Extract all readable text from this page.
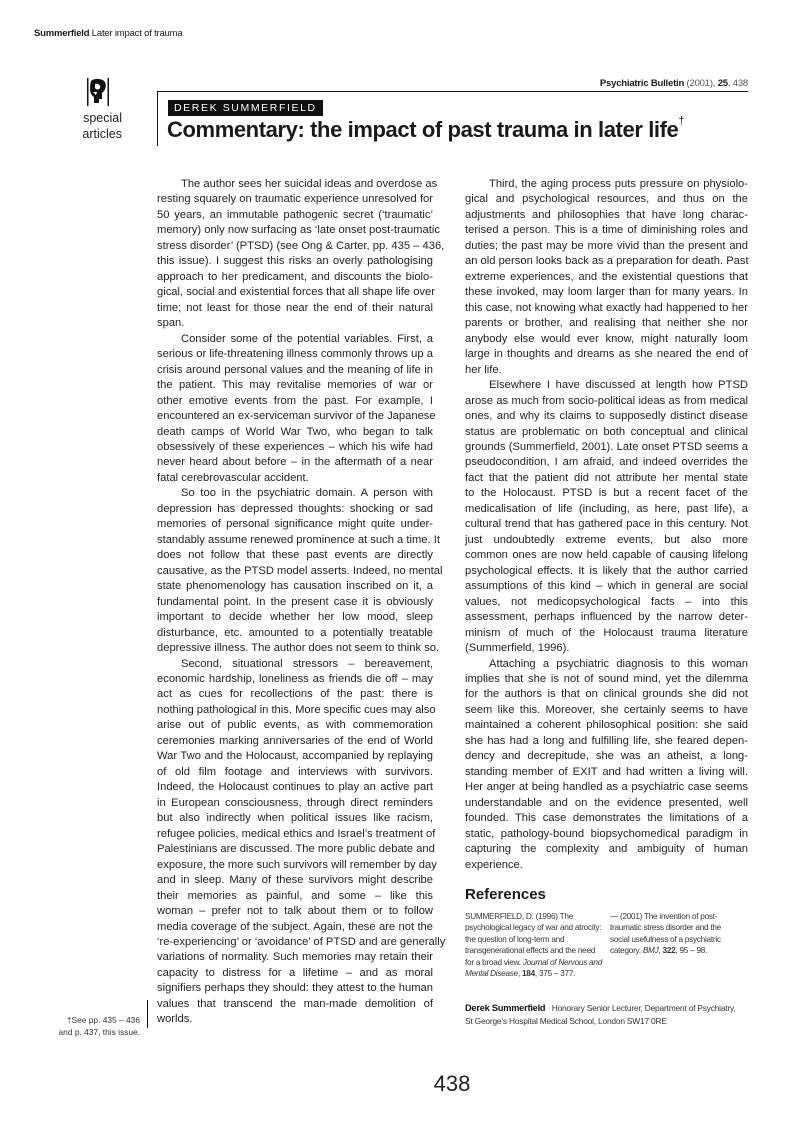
Summerfield Later impact of trauma
special
articles
Psychiatric Bulletin (2001), 25, 438
DEREK SUMMERFIELD
Commentary: the impact of past trauma in later life†
The author sees her suicidal ideas and overdose as
resting squarely on traumatic experience unresolved for
50 years, an immutable pathogenic secret (‘traumatic’
memory) only now surfacing as ‘late onset post-traumatic
stress disorder’ (PTSD) (see Ong & Carter, pp. 435 – 436,
this issue). I suggest this risks an overly pathologising
approach to her predicament, and discounts the biolo-
gical, social and existential forces that all shape life over
time; not least for those near the end of their natural
span.
Consider some of the potential variables. First, a
serious or life-threatening illness commonly throws up a
crisis around personal values and the meaning of life in
the patient. This may revitalise memories of war or
other emotive events from the past. For example, I
encountered an ex-serviceman survivor of the Japanese
death camps of World War Two, who began to talk
obsessively of these experiences – which his wife had
never heard about before – in the aftermath of a near
fatal cerebrovascular accident.
So too in the psychiatric domain. A person with
depression has depressed thoughts: shocking or sad
memories of personal significance might quite under-
standably assume renewed prominence at such a time. It
does not follow that these past events are directly
causative, as the PTSD model asserts. Indeed, no mental
state phenomenology has causation inscribed on it, a
fundamental point. In the present case it is obviously
important to decide whether her low mood, sleep
disturbance, etc. amounted to a potentially treatable
depressive illness. The author does not seem to think so.
Second, situational stressors – bereavement,
economic hardship, loneliness as friends die off – may
act as cues for recollections of the past: there is
nothing pathological in this. More specific cues may also
arise out of public events, as with commemoration
ceremonies marking anniversaries of the end of World
War Two and the Holocaust, accompanied by replaying
of old film footage and interviews with survivors.
Indeed, the Holocaust continues to play an active part
in European consciousness, through direct reminders
but also indirectly when political issues like racism,
refugee policies, medical ethics and Israel’s treatment of
Palestinians are discussed. The more public debate and
exposure, the more such survivors will remember by day
and in sleep. Many of these survivors might describe
their memories as painful, and some – like this
woman – prefer not to talk about them or to follow
media coverage of the subject. Again, these are not the
‘re-experiencing’ or ‘avoidance’ of PTSD and are generally
variations of normality. Such memories may retain their
capacity to distress for a lifetime – and as moral
signifiers perhaps they should: they attest to the human
values that transcend the man-made demolition of
worlds.
Third, the aging process puts pressure on physiolo-
gical and psychological resources, and thus on the
adjustments and philosophies that have long charac-
terised a person. This is a time of diminishing roles and
duties; the past may be more vivid than the present and
an old person looks back as a preparation for death. Past
extreme experiences, and the existential questions that
these invoked, may loom larger than for many years. In
this case, not knowing what exactly had happened to her
parents or brother, and realising that neither she nor
anybody else would ever know, might naturally loom
large in thoughts and dreams as she neared the end of
her life.
Elsewhere I have discussed at length how PTSD
arose as much from socio-political ideas as from medical
ones, and why its claims to supposedly distinct disease
status are problematic on both conceptual and clinical
grounds (Summerfield, 2001). Late onset PTSD seems a
pseudocondition, I am afraid, and indeed overrides the
fact that the patient did not attribute her mental state
to the Holocaust. PTSD is but a recent facet of the
medicalisation of life (including, as here, past life), a
cultural trend that has gathered pace in this century. Not
just undoubtedly extreme events, but also more
common ones are now held capable of causing lifelong
psychological effects. It is likely that the author carried
assumptions of this kind – which in general are social
values, not medicopsychological facts – into this
assessment, perhaps influenced by the narrow deter-
minism of much of the Holocaust trauma literature
(Summerfield, 1996).
Attaching a psychiatric diagnosis to this woman
implies that she is not of sound mind, yet the dilemma
for the authors is that on clinical grounds she did not
seem like this. Moreover, she certainly seems to have
maintained a coherent philosophical position: she said
she has had a long and fulfilling life, she feared depen-
dency and decrepitude, she was an atheist, a long-
standing member of EXIT and had written a living will.
Her anger at being handled as a psychiatric case seems
understandable and on the evidence presented, well
founded. This case demonstrates the limitations of a
static, pathology-bound biopsychomedical paradigm in
capturing the complexity and ambiguity of human
experience.
References
SUMMERFIELD, D. (1996) The psychological legacy of war and atrocity: the question of long-term and transgenerational effects and the need for a broad view. Journal of Nervous and Mental Disease, 184, 375 – 377.
— (2001) The invention of post-traumatic stress disorder and the social usefulness of a psychiatric category. BMJ, 322, 95 – 98.
Derek Summerfield Honorary Senior Lecturer, Department of Psychiatry,
St George’s Hospital Medical School, London SW17 0RE
†See pp. 435 – 436
and p. 437, this issue.
438
